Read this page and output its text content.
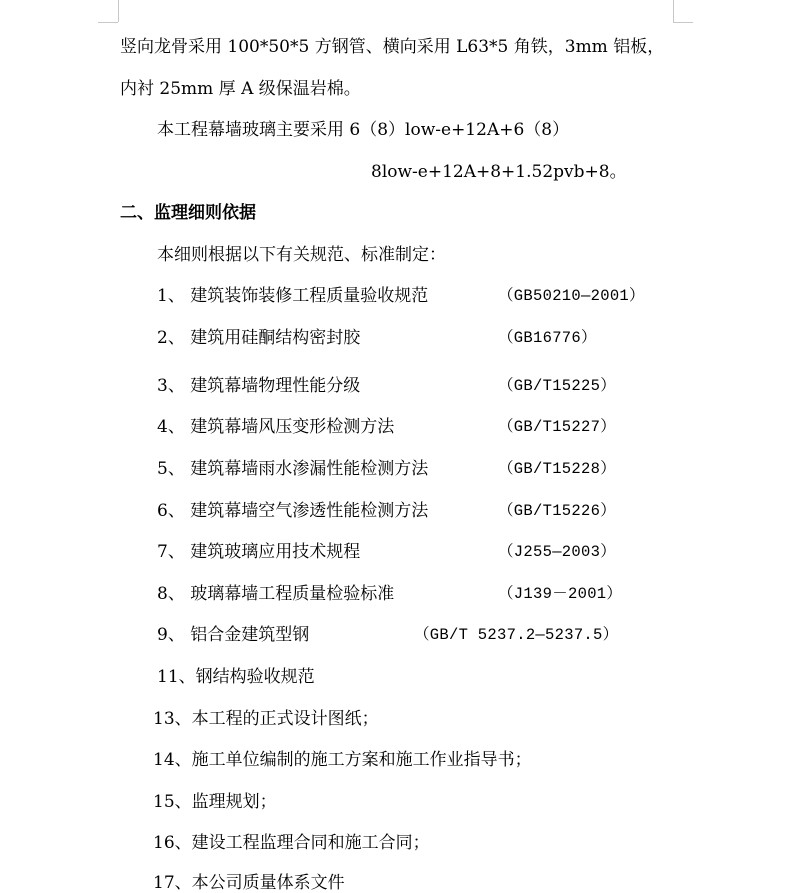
竖向龙骨采用 100*50*5 方钢管、横向采用 L63*5 角铁，3mm 铝板，
内衬 25mm 厚 A 级保温岩棉。
本工程幕墙玻璃主要采用 6（8）low-e+12A+6（8）
8low-e+12A+8+1.52pvb+8。
二、监理细则依据
本细则根据以下有关规范、标准制定：
1、 建筑装饰装修工程质量验收规范	（GB50210—2001）
2、 建筑用硅酮结构密封胶	（GB16776）
3、 建筑幕墙物理性能分级	（GB/T15225）
4、 建筑幕墙风压变形检测方法	（GB/T15227）
5、 建筑幕墙雨水渗漏性能检测方法	（GB/T15228）
6、 建筑幕墙空气渗透性能检测方法	（GB/T15226）
7、 建筑玻璃应用技术规程	（J255—2003）
8、 玻璃幕墙工程质量检验标准	（J139－2001）
9、 铝合金建筑型钢	（GB/T 5237.2—5237.5）
11、钢结构验收规范
13、本工程的正式设计图纸；
14、施工单位编制的施工方案和施工作业指导书；
15、监理规划；
16、建设工程监理合同和施工合同；
17、本公司质量体系文件
